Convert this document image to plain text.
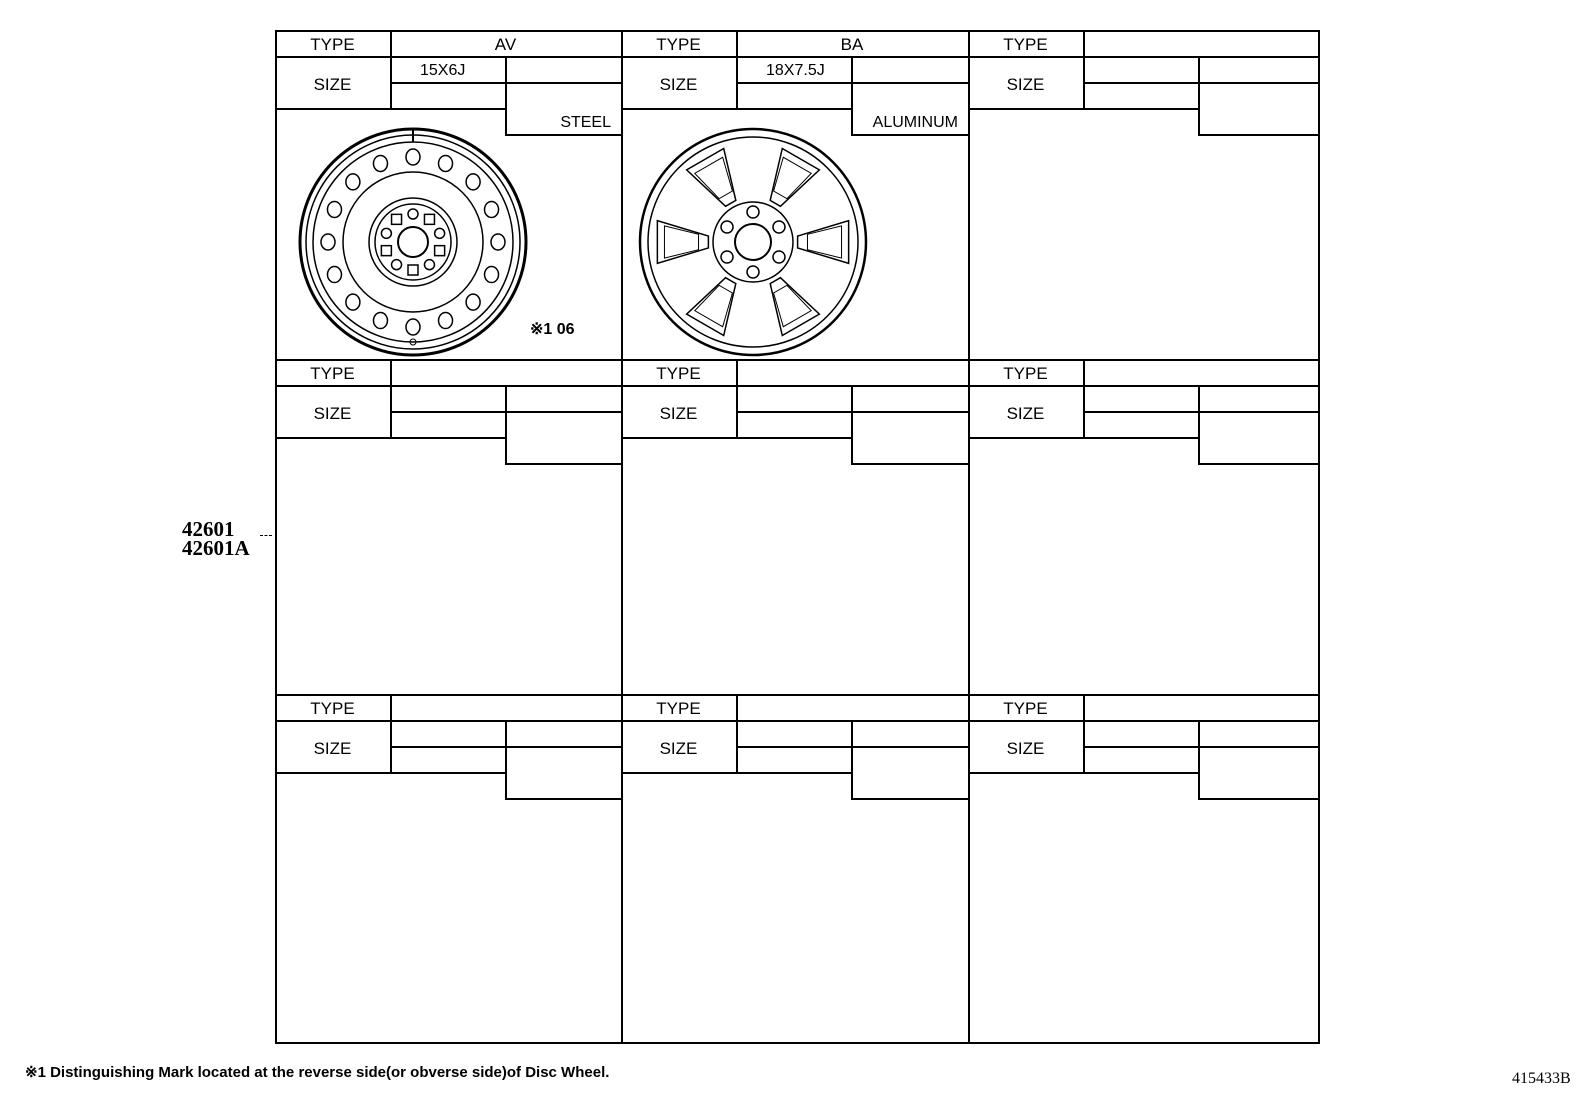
42601
42601A
TYPE
SIZE
AV
15X6J
STEEL
※1 06
TYPE
SIZE
BA
18X7.5J
ALUMINUM
TYPE
SIZE
TYPE
SIZE
TYPE
SIZE
TYPE
SIZE
TYPE
SIZE
TYPE
SIZE
TYPE
SIZE
※1 Distinguishing Mark located at the reverse side(or obverse side)of Disc Wheel.	415433B
